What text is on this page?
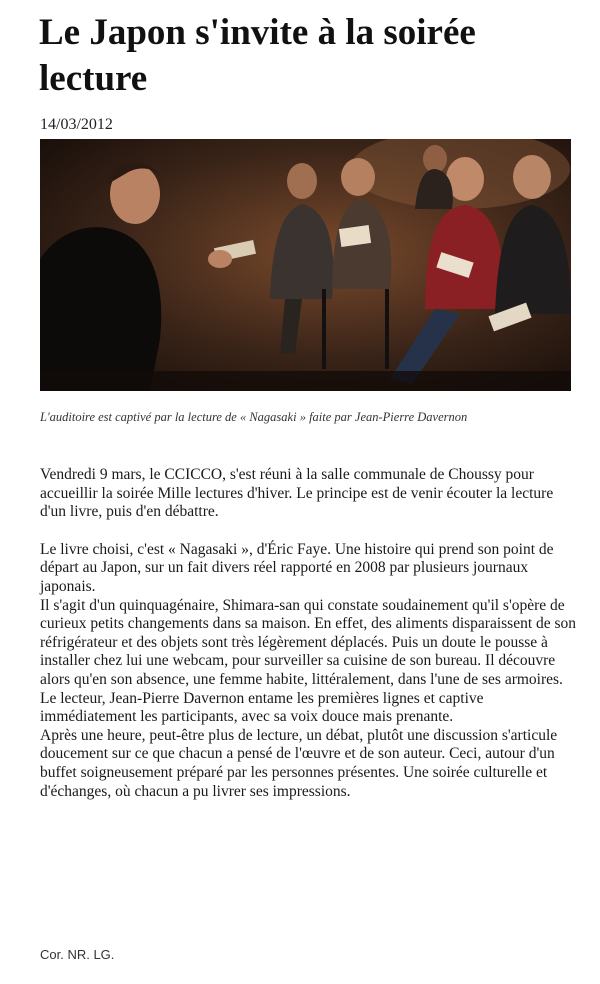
Le Japon s'invite à la soirée lecture
14/03/2012

L'auditoire est captivé par la lecture de « Nagasaki » faite par Jean-Pierre Davernon

Vendredi 9 mars, le CCICCO, s'est réuni à la salle communale de Choussy pour accueillir la soirée Mille lectures d'hiver. Le principe est de venir écouter la lecture d'un livre, puis d'en débattre.

Le livre choisi, c'est « Nagasaki », d'Éric Faye. Une histoire qui prend son point de départ au Japon, sur un fait divers réel rapporté en 2008 par plusieurs journaux japonais.

Il s'agit d'un quinquagénaire, Shimara-san qui constate soudainement qu'il s'opère de curieux petits changements dans sa maison. En effet, des aliments disparaissent de son réfrigérateur et des objets sont très légèrement déplacés. Puis un doute le pousse à installer chez lui une webcam, pour surveiller sa cuisine de son bureau. Il découvre alors qu'en son absence, une femme habite, littéralement, dans l'une de ses armoires. Le lecteur, Jean-Pierre Davernon entame les premières lignes et captive immédiatement les participants, avec sa voix douce mais prenante.

Après une heure, peut-être plus de lecture, un débat, plutôt une discussion s'articule doucement sur ce que chacun a pensé de l'œuvre et de son auteur. Ceci, autour d'un buffet soigneusement préparé par les personnes présentes. Une soirée culturelle et d'échanges, où chacun a pu livrer ses impressions.

Cor. NR. LG.
